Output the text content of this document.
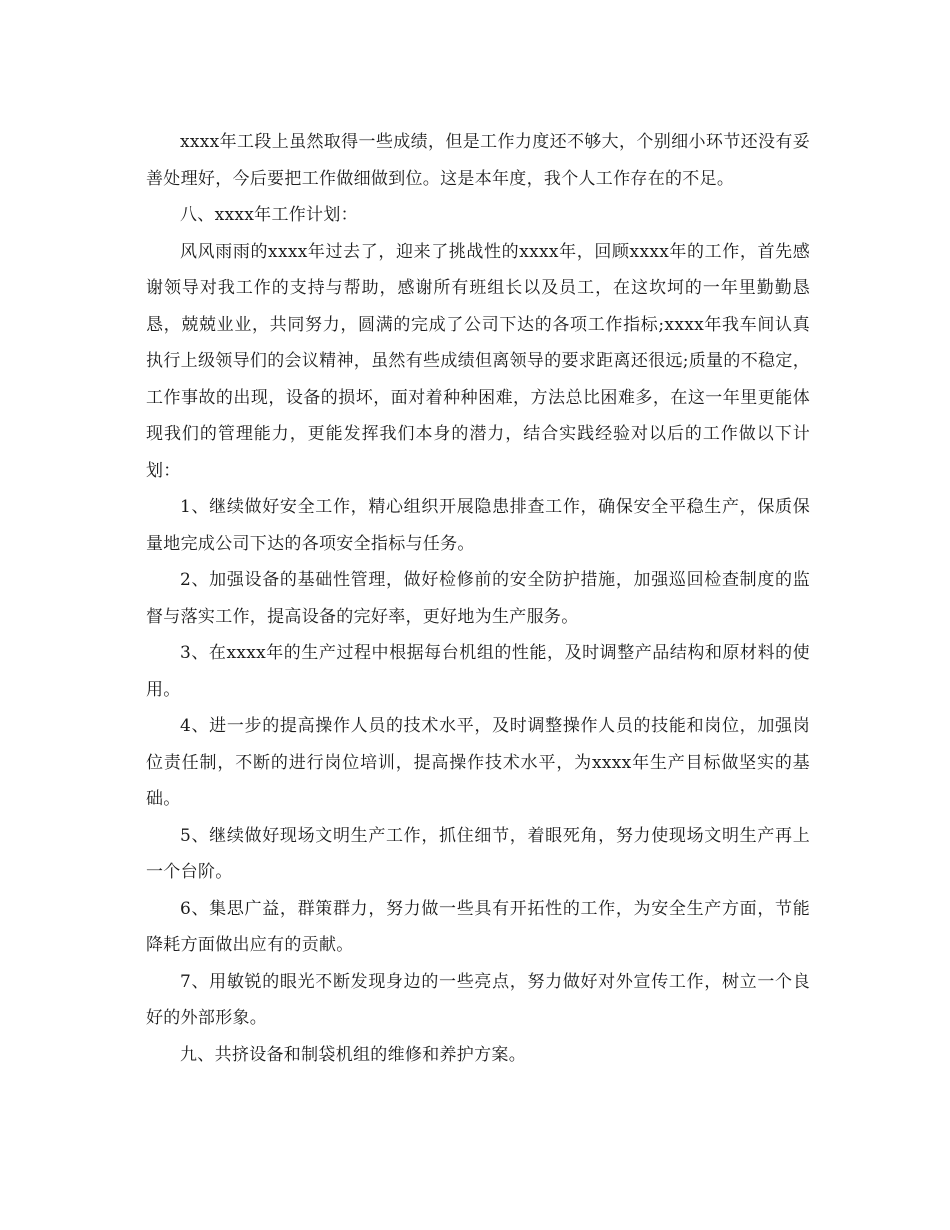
xxxx年工段上虽然取得一些成绩，但是工作力度还不够大，个别细小环节还没有妥善处理好，今后要把工作做细做到位。这是本年度，我个人工作存在的不足。

八、xxxx年工作计划：

风风雨雨的xxxx年过去了，迎来了挑战性的xxxx年，回顾xxxx年的工作，首先感谢领导对我工作的支持与帮助，感谢所有班组长以及员工，在这坎坷的一年里勤勤恳恳，兢兢业业，共同努力，圆满的完成了公司下达的各项工作指标;xxxx年我车间认真执行上级领导们的会议精神，虽然有些成绩但离领导的要求距离还很远;质量的不稳定，工作事故的出现，设备的损坏，面对着种种困难，方法总比困难多，在这一年里更能体现我们的管理能力，更能发挥我们本身的潜力，结合实践经验对以后的工作做以下计划：

1、继续做好安全工作，精心组织开展隐患排查工作，确保安全平稳生产，保质保量地完成公司下达的各项安全指标与任务。

2、加强设备的基础性管理，做好检修前的安全防护措施，加强巡回检查制度的监督与落实工作，提高设备的完好率，更好地为生产服务。

3、在xxxx年的生产过程中根据每台机组的性能，及时调整产品结构和原材料的使用。

4、进一步的提高操作人员的技术水平，及时调整操作人员的技能和岗位，加强岗位责任制，不断的进行岗位培训，提高操作技术水平，为xxxx年生产目标做坚实的基础。

5、继续做好现场文明生产工作，抓住细节，着眼死角，努力使现场文明生产再上一个台阶。

6、集思广益，群策群力，努力做一些具有开拓性的工作，为安全生产方面，节能降耗方面做出应有的贡献。

7、用敏锐的眼光不断发现身边的一些亮点，努力做好对外宣传工作，树立一个良好的外部形象。

九、共挤设备和制袋机组的维修和养护方案。
